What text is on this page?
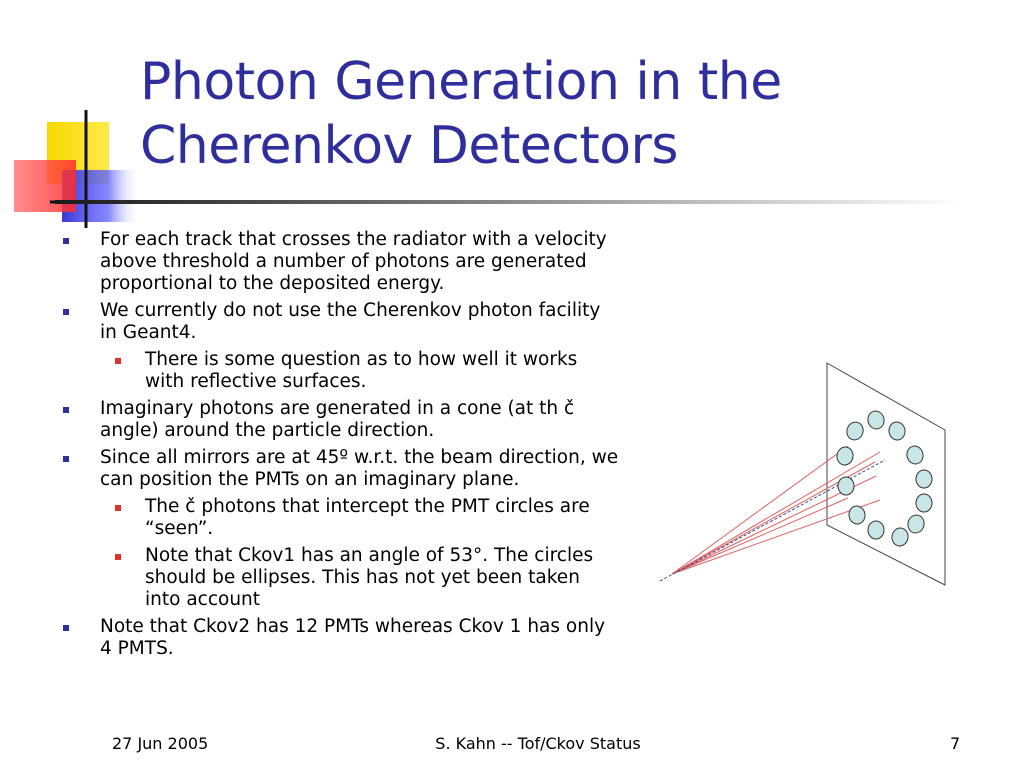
Photon Generation in the
Cherenkov Detectors
For each track that crosses the radiator with a velocity above threshold a number of photons are generated proportional to the deposited energy.
We currently do not use the Cherenkov photon facility in Geant4.
There is some question as to how well it works with reflective surfaces.
Imaginary photons are generated in a cone (at th č angle) around the particle direction.
Since all mirrors are at 45º w.r.t. the beam direction, we can position the PMTs on an imaginary plane.
The č photons that intercept the PMT circles are “seen”.
Note that Ckov1 has an angle of 53°. The circles should be ellipses. This has not yet been taken into account
Note that Ckov2 has 12 PMTs whereas Ckov 1 has only 4 PMTS.
27 Jun 2005	S. Kahn -- Tof/Ckov Status	7
